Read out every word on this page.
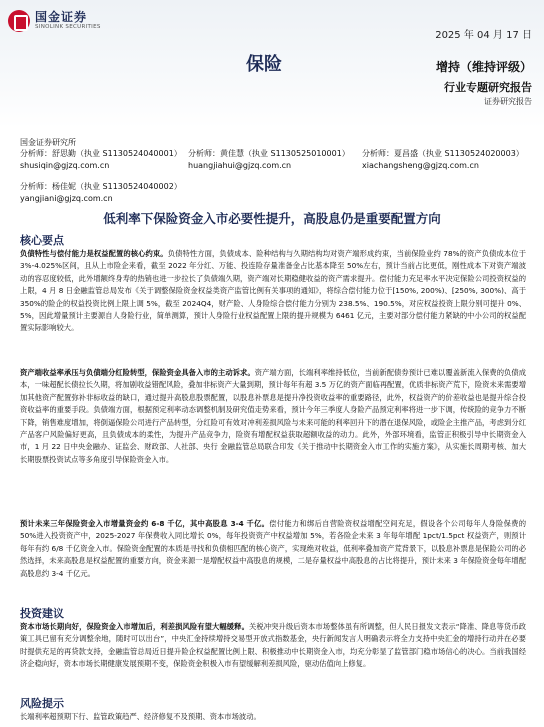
国金证券
SINOLINK SECURITIES
2025 年 04 月 17 日
保险	增持（维持评级）
行业专题研究报告
证券研究报告
国金证券研究所
分析师：舒思勤（执业 S1130524040001）
shusiqin@gjzq.com.cn
分析师：黄佳慧（执业 S1130525010001）
huangjiahui@gjzq.com.cn
分析师：夏昌盛（执业 S1130524020003）
xiachangsheng@gjzq.com.cn
分析师：杨佳妮（执业 S1130524040002）
yangjiani@gjzq.com.cn
低利率下保险资金入市必要性提升，高股息仍是重要配置方向
核心要点
负债特性与偿付能力是权益配置的核心约束。负债特性方面，负债成本、险种结构与久期结构均对资产端形成约束，当前保险业约 78%的资产负债成本位于 3%-4.025%区间，且从上市险企来看，截至 2022 年分红、万能、投连险存量准备金占比基本降至 50%左右，预计当前占比更低，刚性成本下对资产端波动的容忍度较低，此外增额终身寿的热销也进一步拉长了负债端久期，资产端对长期稳健收益的资产需求提升。偿付能力充足率水平决定保险公司投资权益的上限，4 月 8 日金融监管总局发布《关于调整保险资金权益类资产监管比例有关事项的通知》，将综合偿付能力位于[150%, 200%)、[250%, 300%)、高于 350%的险企的权益投资比例上限上调 5%，截至 2024Q4，财产险、人身险综合偿付能力分别为 238.5%、190.5%，对应权益投资上限分别可提升 0%、5%，因此增量预计主要源自人身险行业，简单测算，预计人身险行业权益配置上限的提升规模为 6461 亿元，主要对部分偿付能力紧缺的中小公司的权益配置实际影响较大。
资产端收益率承压与负债端分红险转型，保险资金具备入市的主动诉求。资产端方面，长端利率维持低位，当前新配债券预计已难以覆盖新流入保费的负债成本，一味超配长债拉长久期，将加剧收益错配风险，叠加非标资产大量到期，预计每年有超 3.5 万亿的资产面临再配置，优质非标资产荒下，险资未来需要增加其他资产配置弥补非标收益的缺口，通过提升高股息股票配置，以股息补票息是提升净投资收益率的重要路径，此外，权益资产的价差收益也是提升综合投资收益率的重要手段。负债端方面，根据预定利率动态调整机制及研究值走势来看，预计今年三季度人身险产品预定利率将进一步下调，传统险的竞争力不断下降，销售难度增加，将倒逼保险公司进行产品转型，分红险可有效对冲利差损风险与未来可能的利率回升下的潜在退保风险，或险企主推产品，考虑到分红产品客户风险偏好更高，且负债成本的柔性，为提升产品竞争力，险资有增配权益获取超额收益的动力。此外，外部环境看，监管正积极引导中长期资金入市，1 月 22 日中央金融办、证监会、财政部、人社部、央行 金融监管总局联合印发《关于推动中长期资金入市工作的实施方案》，从实施长周期考核、加大长期股票投资试点等多角度引导保险资金入市。
预计未来三年保险资金入市增量资金约 6-8 千亿，其中高股息 3-4 千亿。偿付能力和绑后自营险资权益增配空间充足，假设各个公司每年人身险保费的 50%进入投资资产中，2025-2027 年保费收入同比增长 0%，每年投资资产中权益增加 5%，若各险企未来 3 年每年增配 1pct/1.5pct 权益资产，则预计每年有约 6/8 千亿资金入市。保险资金配置的本质是寻找和负债相匹配的核心资产，实现绝对收益，低利率叠加资产荒背景下，以股息补票息是保险公司的必然选择，未来高股息是权益配置的重要方向，资金来源一是增配权益中高股息的规模，二是存量权益中高股息的占比将提升，预计未来 3 年保险资金每年增配高股息约 3-4 千亿元。
投资建议
资本市场长期向好，保险资金入市增加后，利差损风险有望大幅缓释。关税冲突升级后资本市场整体虽有所调整，但人民日报发文表示“降准、降息等货币政策工具已留有充分调整余地，随时可以出台”，中央汇金持续增持交易型开放式指数基金，央行新闻发言人明确表示将全力支持中央汇金的增持行动并在必要时提供充足的再贷款支持，金融监管总局近日提升险企权益配置比例上限、积极推动中长期资金入市，均充分彰显了监管部门稳市场信心的决心。当前我国经济企稳向好，资本市场长期健康发展预期不变，保险资金积极入市有望缓解利差损风险，驱动估值向上修复。
风险提示
长端利率超预期下行、监管政策趋严、经济修复不及预期、资本市场波动。
